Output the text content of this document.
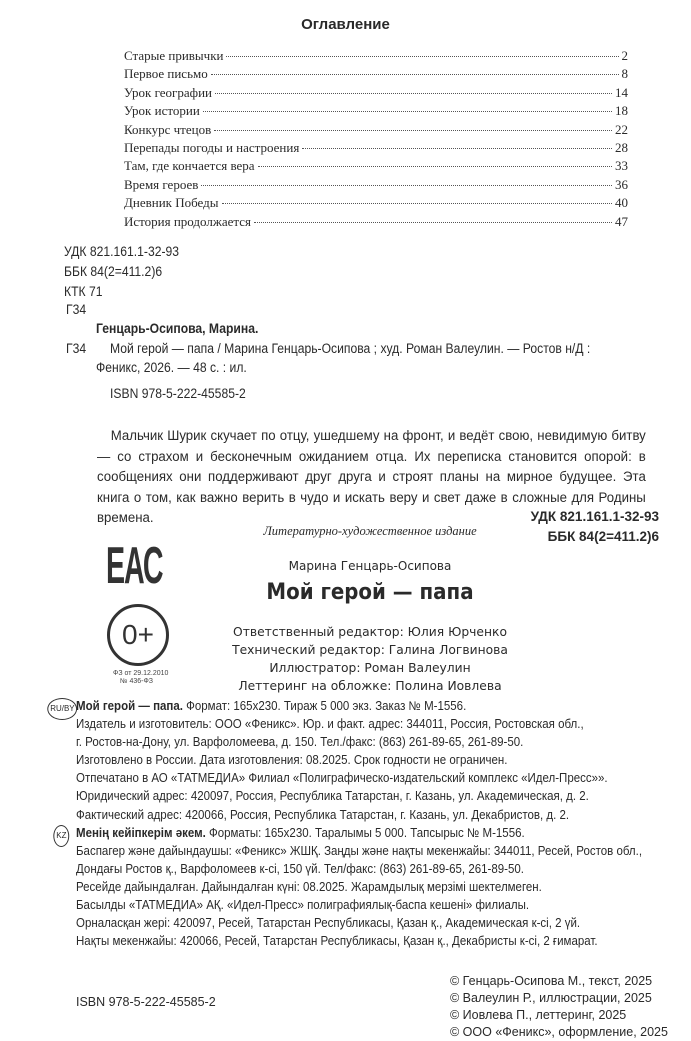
Оглавление
Старые привычки	2
Первое письмо	8
Урок географии	14
Урок истории	18
Конкурс чтецов	22
Перепады погоды и настроения	28
Там, где кончается вера	33
Время героев	36
Дневник Победы	40
История продолжается	47
УДК 821.161.1-32-93
ББК 84(2=411.2)6
КТК 71
Г34
Генцарь-Осипова, Марина.
Г34 Мой герой — папа / Марина Генцарь-Осипова ; худ. Роман Валеулин. — Ростов н/Д :
Феникс, 2026. — 48 с. : ил.
ISBN 978-5-222-45585-2
Мальчик Шурик скучает по отцу, ушедшему на фронт, и ведёт свою, невидимую битву — со страхом и бесконечным ожиданием отца. Их переписка становится опорой: в сообщениях они поддерживают друг друга и строят планы на мирное будущее. Эта книга о том, как важно верить в чудо и искать веру и свет даже в сложные для Родины времена.	УДК 821.161.1-32-93
ББК 84(2=411.2)6
ЕАС
0+
ФЗ от 29.12.2010
№ 436-ФЗ
Литературно-художественное издание
Марина Генцарь-Осипова
Мой герой — папа
Ответственный редактор: Юлия Юрченко
Технический редактор: Галина Логвинова
Иллюстратор: Роман Валеулин
Леттеринг на обложке: Полина Иовлева
RU/BY Мой герой — папа. Формат: 165х230. Тираж 5 000 экз. Заказ № М-1556.
Издатель и изготовитель: ООО «Феникс». Юр. и факт. адрес: 344011, Россия, Ростовская обл.,
г. Ростов-на-Дону, ул. Варфоломеева, д. 150. Тел./факс: (863) 261-89-65, 261-89-50.
Изготовлено в России. Дата изготовления: 08.2025. Срок годности не ограничен.
Отпечатано в АО «ТАТМЕДИА» Филиал «Полиграфическо-издательский комплекс «Идел-Пресс»».
Юридический адрес: 420097, Россия, Республика Татарстан, г. Казань, ул. Академическая, д. 2.
Фактический адрес: 420066, Россия, Республика Татарстан, г. Казань, ул. Декабристов, д. 2.
KZ Менің кейіпкерім әкем. Форматы: 165х230. Таралымы 5 000. Тапсырыс № М-1556.
Баспагер және дайындаушы: «Феникс» ЖШҚ. Заңды және нақты мекенжайы: 344011, Ресей, Ростов обл.,
Дондағы Ростов қ., Варфоломеев к-сі, 150 үй. Тел/факс: (863) 261-89-65, 261-89-50.
Ресейде дайындалған. Дайындалған күні: 08.2025. Жарамдылық мерзімі шектелмеген.
Басылды «ТАТМЕДИА» АҚ. «Идел-Пресс» полиграфиялық-баспа кешені» филиалы.
Орналасқан жері: 420097, Ресей, Татарстан Республикасы, Қазан қ., Академическая к-сі, 2 үй.
Нақты мекенжайы: 420066, Ресей, Татарстан Республикасы, Қазан қ., Декабристы к-сі, 2 ғимарат.
ISBN 978-5-222-45585-2
© Генцарь-Осипова М., текст, 2025
© Валеулин Р., иллюстрации, 2025
© Иовлева П., леттеринг, 2025
© ООО «Феникс», оформление, 2025
